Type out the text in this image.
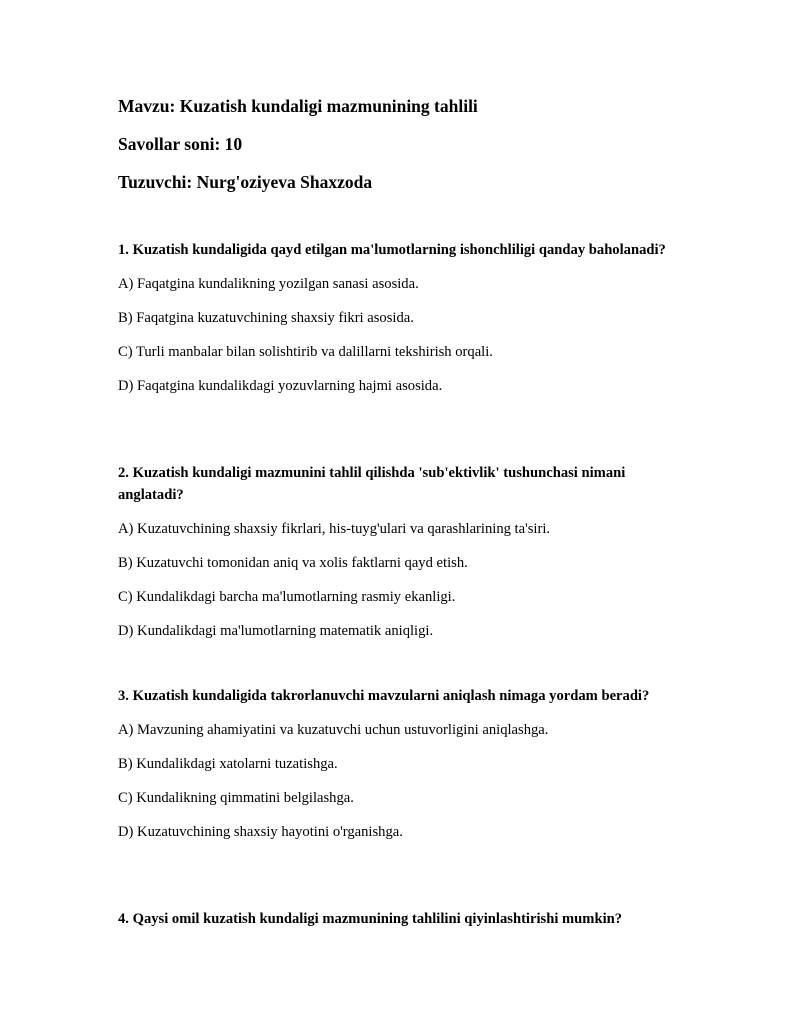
Mavzu: Kuzatish kundaligi mazmunining tahlili

Savollar soni: 10

Tuzuvchi: Nurg'oziyeva Shaxzoda

1. Kuzatish kundaligida qayd etilgan ma'lumotlarning ishonchliligi qanday baholanadi?

A) Faqatgina kundalikning yozilgan sanasi asosida.

B) Faqatgina kuzatuvchining shaxsiy fikri asosida.

C) Turli manbalar bilan solishtirib va dalillarni tekshirish orqali.

D) Faqatgina kundalikdagi yozuvlarning hajmi asosida.

2. Kuzatish kundaligi mazmunini tahlil qilishda 'sub'ektivlik' tushunchasi nimani anglatadi?

A) Kuzatuvchining shaxsiy fikrlari, his-tuyg'ulari va qarashlarining ta'siri.

B) Kuzatuvchi tomonidan aniq va xolis faktlarni qayd etish.

C) Kundalikdagi barcha ma'lumotlarning rasmiy ekanligi.

D) Kundalikdagi ma'lumotlarning matematik aniqligi.

3. Kuzatish kundaligida takrorlanuvchi mavzularni aniqlash nimaga yordam beradi?

A) Mavzuning ahamiyatini va kuzatuvchi uchun ustuvorligini aniqlashga.

B) Kundalikdagi xatolarni tuzatishga.

C) Kundalikning qimmatini belgilashga.

D) Kuzatuvchining shaxsiy hayotini o'rganishga.

4. Qaysi omil kuzatish kundaligi mazmunining tahlilini qiyinlashtirishi mumkin?
